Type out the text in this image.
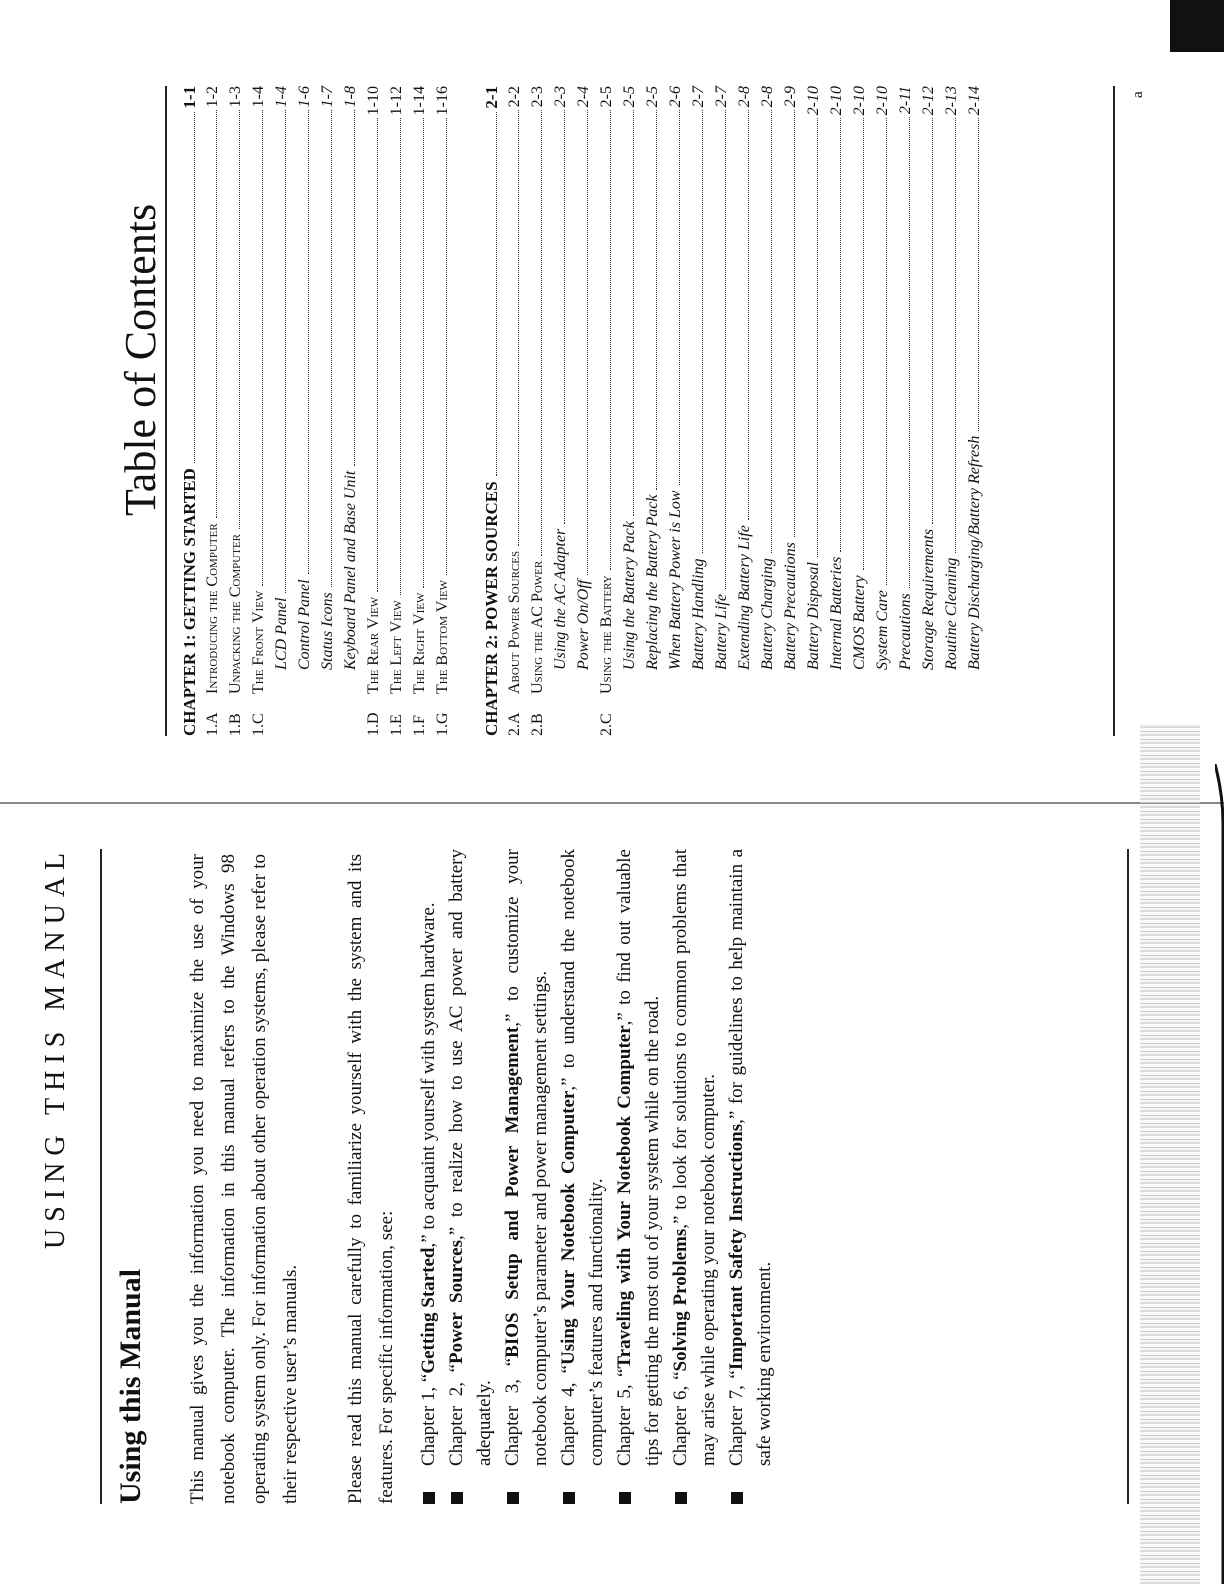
USING THIS MANUAL
Using this Manual This manual gives you the information you need to maximize the use of your notebook computer. The information in this manual refers to the Windows 98 operating system only. For information about other operation systems, please refer to their respective user’s manuals. Please read this manual carefully to familiarize yourself with the system and its features. For specific information, see: Chapter 1, “Getting Started,” to acquaint yourself with system hardware.
Chapter 2, “Power Sources,” to realize how to use AC power and battery adequately. Chapter 3, “BIOS Setup and Power Management,” to customize your notebook computer’s parameter and power management settings. Chapter 4, “Using Your Notebook Computer,” to understand the notebook computer’s features and functionality. Chapter 5, “Traveling with Your Notebook Computer,” to find out valuable tips for getting the most out of your system while on the road. Chapter 6, “Solving Problems,” to look for solutions to common problems that may arise while operating your notebook computer. Chapter 7, “Important Safety Instructions,” for guidelines to help maintain a safe working environment.
Table of Contents
CHAPTER 1: GETTING STARTED
1-1
1.A
Introducing the Computer
1-2
1.B
Unpacking the Computer
1-3
1.C
The Front View
1-4
LCD Panel
1-4
Control Panel
1-6
Status Icons
1-7
Keyboard Panel and Base Unit
1-8
1.D
The Rear View
1-10
1.E
The Left View
1-12
1.F
The Right View
1-14
1.G
The Bottom View
1-16
CHAPTER 2: POWER SOURCES
2-1
2.A
About Power Sources
2-2
2.B
Using the AC Power
2-3
Using the AC Adapter
2-3
Power On/Off
2-4
2.C
Using the Battery
2-5
Using the Battery Pack
2-5
Replacing the Battery Pack
2-5
When Battery Power is Low
2-6
Battery Handling
2-7
Battery Life
2-7
Extending Battery Life
2-8
Battery Charging
2-8
Battery Precautions
2-9
Battery Disposal
2-10
Internal Batteries
2-10
CMOS Battery
2-10
System Care
2-10
Precautions
2-11
Storage Requirements
2-12
Routine Cleaning
2-13
Battery Discharging/Battery Refresh
2-14	a
